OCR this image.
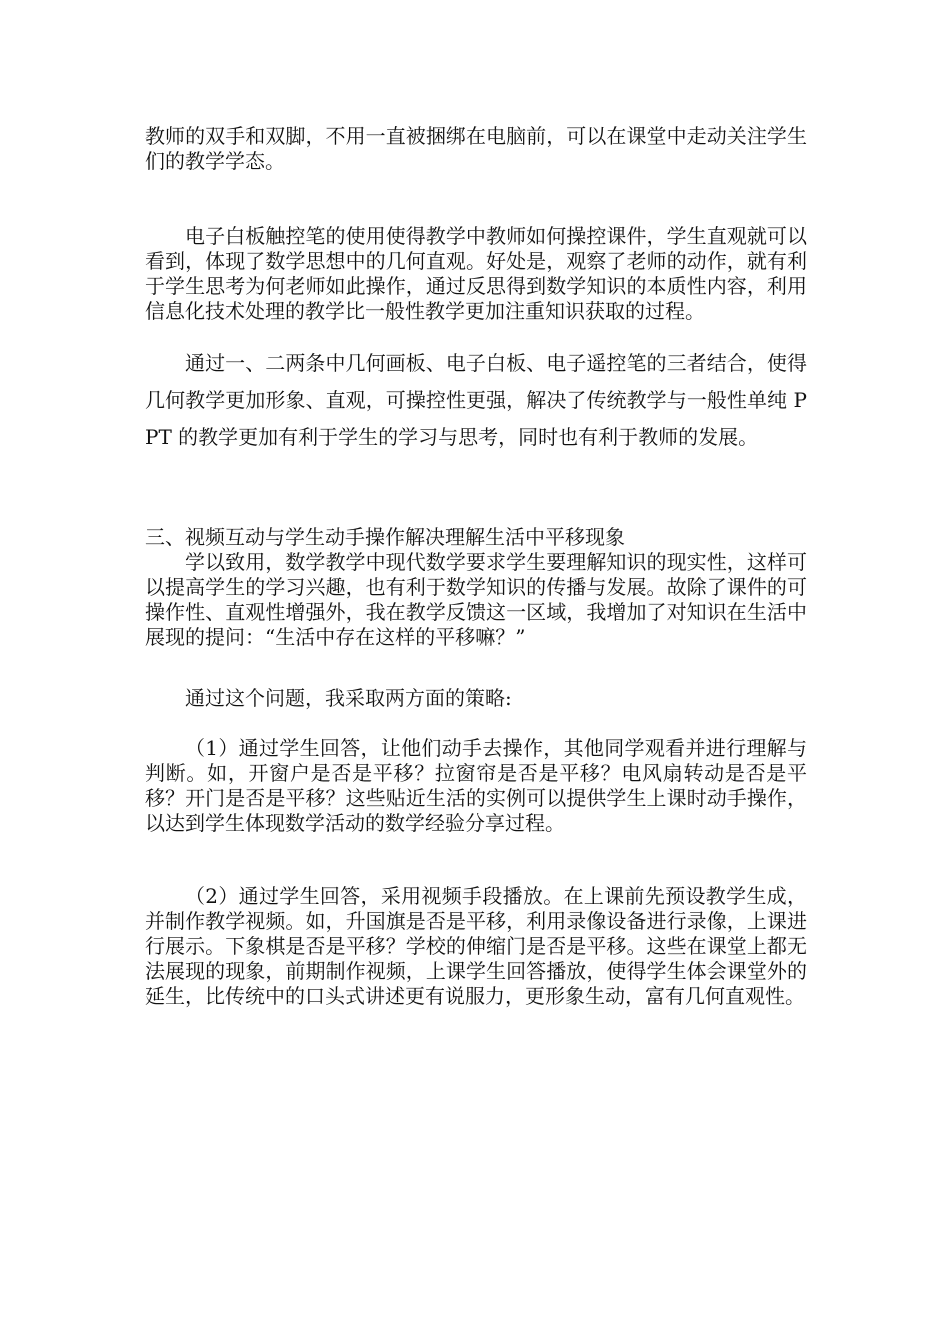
教师的双手和双脚，不用一直被捆绑在电脑前，可以在课堂中走动关注学生们的教学学态。

电子白板触控笔的使用使得教学中教师如何操控课件，学生直观就可以看到，体现了数学思想中的几何直观。好处是，观察了老师的动作，就有利于学生思考为何老师如此操作，通过反思得到数学知识的本质性内容，利用信息化技术处理的教学比一般性教学更加注重知识获取的过程。

通过一、二两条中几何画板、电子白板、电子遥控笔的三者结合，使得几何教学更加形象、直观，可操控性更强，解决了传统教学与一般性单纯 PPT 的教学更加有利于学生的学习与思考，同时也有利于教师的发展。

三、视频互动与学生动手操作解决理解生活中平移现象

学以致用，数学教学中现代数学要求学生要理解知识的现实性，这样可以提高学生的学习兴趣，也有利于数学知识的传播与发展。故除了课件的可操作性、直观性增强外，我在教学反馈这一区域，我增加了对知识在生活中展现的提问：“生活中存在这样的平移嘛？”

通过这个问题，我采取两方面的策略:

（1）通过学生回答，让他们动手去操作，其他同学观看并进行理解与判断。如，开窗户是否是平移？拉窗帘是否是平移？电风扇转动是否是平移？开门是否是平移？这些贴近生活的实例可以提供学生上课时动手操作，以达到学生体现数学活动的数学经验分享过程。

（2）通过学生回答，采用视频手段播放。在上课前先预设教学生成，并制作教学视频。如，升国旗是否是平移，利用录像设备进行录像，上课进行展示。下象棋是否是平移？学校的伸缩门是否是平移。这些在课堂上都无法展现的现象，前期制作视频，上课学生回答播放，使得学生体会课堂外的延生，比传统中的口头式讲述更有说服力，更形象生动，富有几何直观性。
